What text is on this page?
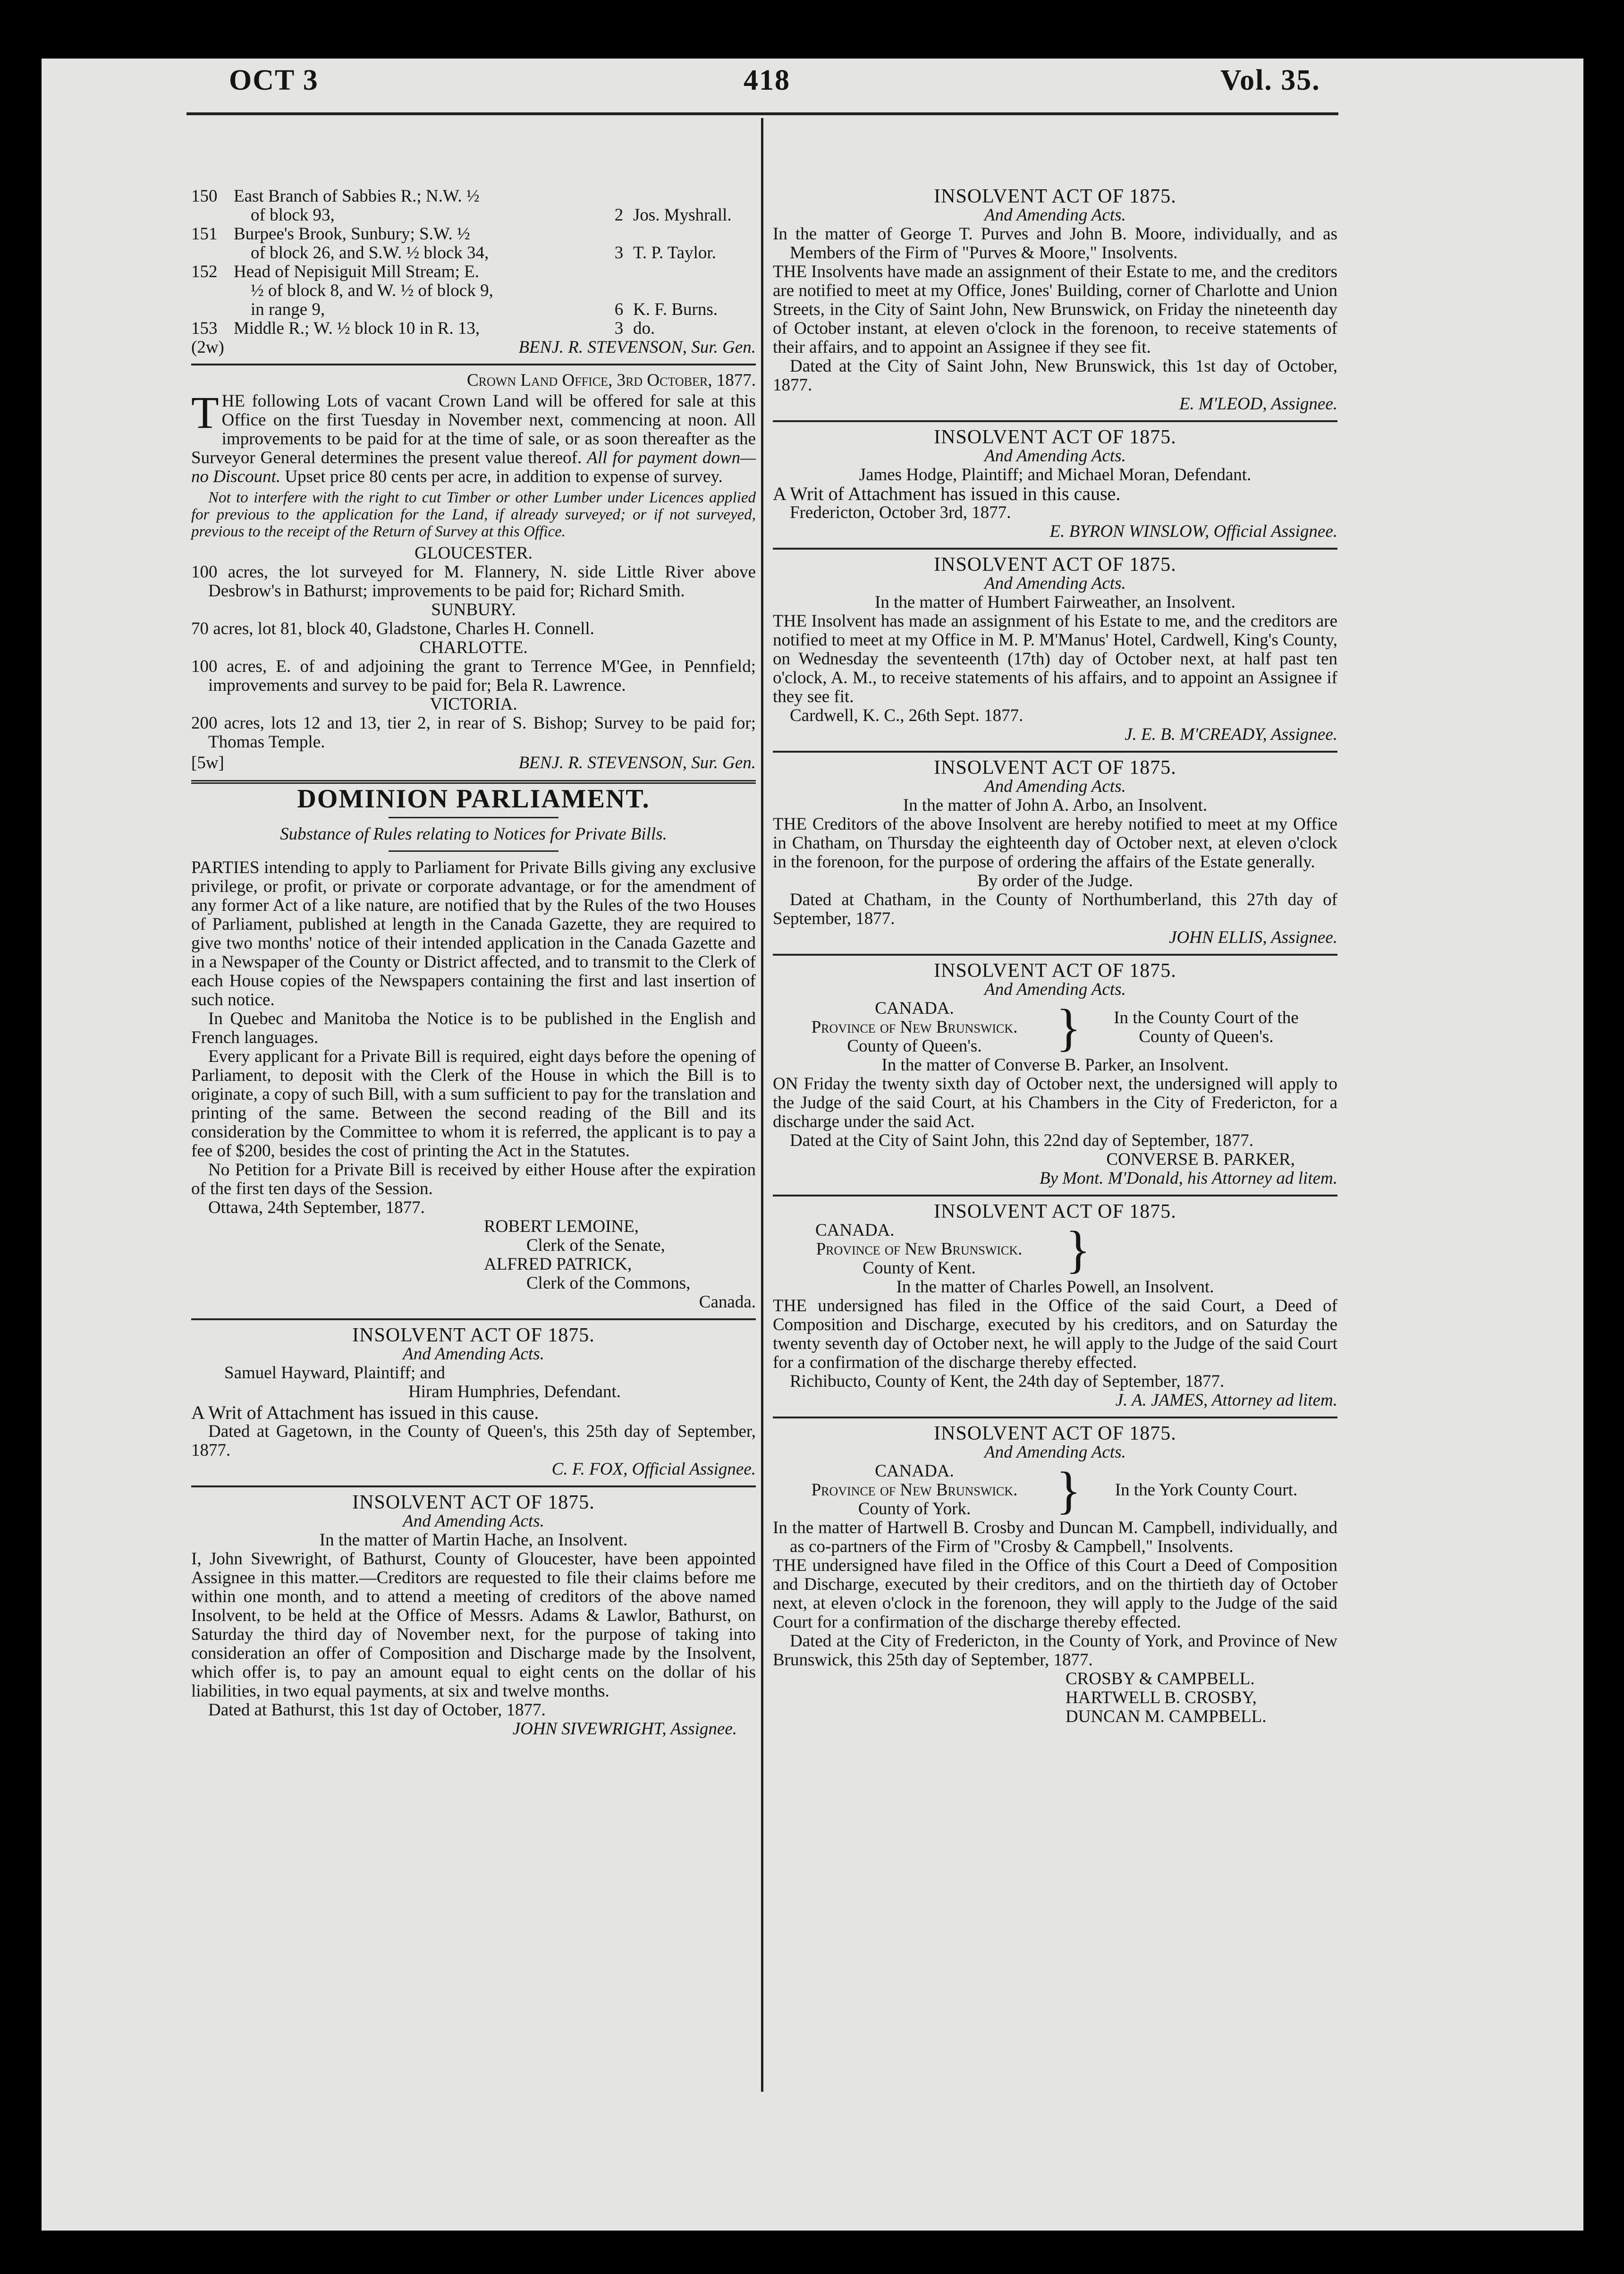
OCT 3	418	Vol. 35.
150 East Branch of Sabbies R.; N.W. ½
of block 93,	2 Jos. Myshrall.
151 Burpee's Brook, Sunbury; S.W. ½
of block 26, and S.W. ½ block 34,	3 T. P. Taylor.
152 Head of Nepisiguit Mill Stream; E.
½ of block 8, and W. ½ of block 9,
in range 9,	6 K. F. Burns.
153 Middle R.; W. ½ block 10 in R. 13,	3 do.
(2w)	BENJ. R. STEVENSON, Sur. Gen.

Crown Land Office, 3rd October, 1877.

THE following Lots of vacant Crown Land will be offered for sale at this Office on the first Tuesday in November next, commencing at noon. All improvements to be paid for at the time of sale, or as soon thereafter as the Surveyor General determines the present value thereof. All for payment down—no Discount. Upset price 80 cents per acre, in addition to expense of survey.

Not to interfere with the right to cut Timber or other Lumber under Licences applied for previous to the application for the Land, if already surveyed; or if not surveyed, previous to the receipt of the Return of Survey at this Office.

GLOUCESTER.

100 acres, the lot surveyed for M. Flannery, N. side Little River above Desbrow's in Bathurst; improvements to be paid for; Richard Smith.

SUNBURY.

70 acres, lot 81, block 40, Gladstone, Charles H. Connell.

CHARLOTTE.

100 acres, E. of and adjoining the grant to Terrence M'Gee, in Pennfield; improvements and survey to be paid for; Bela R. Lawrence.

VICTORIA.

200 acres, lots 12 and 13, tier 2, in rear of S. Bishop; Survey to be paid for; Thomas Temple.

[5w]	BENJ. R. STEVENSON, Sur. Gen.
DOMINION PARLIAMENT.

Substance of Rules relating to Notices for Private Bills.

PARTIES intending to apply to Parliament for Private Bills giving any exclusive privilege, or profit, or private or corporate advantage, or for the amendment of any former Act of a like nature, are notified that by the Rules of the two Houses of Parliament, published at length in the Canada Gazette, they are required to give two months' notice of their intended application in the Canada Gazette and in a Newspaper of the County or District affected, and to transmit to the Clerk of each House copies of the Newspapers containing the first and last insertion of such notice.

In Quebec and Manitoba the Notice is to be published in the English and French languages.

Every applicant for a Private Bill is required, eight days before the opening of Parliament, to deposit with the Clerk of the House in which the Bill is to originate, a copy of such Bill, with a sum sufficient to pay for the translation and printing of the same. Between the second reading of the Bill and its consideration by the Committee to whom it is referred, the applicant is to pay a fee of $200, besides the cost of printing the Act in the Statutes.

No Petition for a Private Bill is received by either House after the expiration of the first ten days of the Session.

Ottawa, 24th September, 1877.

ROBERT LEMOINE,
Clerk of the Senate,
ALFRED PATRICK,
Clerk of the Commons,
Canada.
INSOLVENT ACT OF 1875.
And Amending Acts.

Samuel Hayward, Plaintiff; and

Hiram Humphries, Defendant.

A Writ of Attachment has issued in this cause.

Dated at Gagetown, in the County of Queen's, this 25th day of September, 1877.

C. F. FOX, Official Assignee.

INSOLVENT ACT OF 1875.
And Amending Acts.

In the matter of Martin Hache, an Insolvent.

I, John Sivewright, of Bathurst, County of Gloucester, have been appointed Assignee in this matter.—Creditors are requested to file their claims before me within one month, and to attend a meeting of creditors of the above named Insolvent, to be held at the Office of Messrs. Adams & Lawlor, Bathurst, on Saturday the third day of November next, for the purpose of taking into consideration an offer of Composition and Discharge made by the Insolvent, which offer is, to pay an amount equal to eight cents on the dollar of his liabilities, in two equal payments, at six and twelve months.

Dated at Bathurst, this 1st day of October, 1877.

JOHN SIVEWRIGHT, Assignee.

INSOLVENT ACT OF 1875.
And Amending Acts.

In the matter of George T. Purves and John B. Moore, individually, and as Members of the Firm of "Purves & Moore," Insolvents.

THE Insolvents have made an assignment of their Estate to me, and the creditors are notified to meet at my Office, Jones' Building, corner of Charlotte and Union Streets, in the City of Saint John, New Brunswick, on Friday the nineteenth day of October instant, at eleven o'clock in the forenoon, to receive statements of their affairs, and to appoint an Assignee if they see fit.

Dated at the City of Saint John, New Brunswick, this 1st day of October, 1877.

E. M'LEOD, Assignee.

INSOLVENT ACT OF 1875.
And Amending Acts.

James Hodge, Plaintiff; and Michael Moran, Defendant.

A Writ of Attachment has issued in this cause.

Fredericton, October 3rd, 1877.

E. BYRON WINSLOW, Official Assignee.

INSOLVENT ACT OF 1875.
And Amending Acts.

In the matter of Humbert Fairweather, an Insolvent.

THE Insolvent has made an assignment of his Estate to me, and the creditors are notified to meet at my Office in M. P. M'Manus' Hotel, Cardwell, King's County, on Wednesday the seventeenth (17th) day of October next, at half past ten o'clock, A. M., to receive statements of his affairs, and to appoint an Assignee if they see fit.

Cardwell, K. C., 26th Sept. 1877.

J. E. B. M'CREADY, Assignee.

INSOLVENT ACT OF 1875.
And Amending Acts.

In the matter of John A. Arbo, an Insolvent.

THE Creditors of the above Insolvent are hereby notified to meet at my Office in Chatham, on Thursday the eighteenth day of October next, at eleven o'clock in the forenoon, for the purpose of ordering the affairs of the Estate generally.

By order of the Judge.

Dated at Chatham, in the County of Northumberland, this 27th day of September, 1877.

JOHN ELLIS, Assignee.

INSOLVENT ACT OF 1875.
And Amending Acts.
CANADA.
Province of New Brunswick.
County of Queen's.	}	In the County Court of the
County of Queen's.

In the matter of Converse B. Parker, an Insolvent.

ON Friday the twenty sixth day of October next, the undersigned will apply to the Judge of the said Court, at his Chambers in the City of Fredericton, for a discharge under the said Act.

Dated at the City of Saint John, this 22nd day of September, 1877.

CONVERSE B. PARKER,

By Mont. M'Donald, his Attorney ad litem.

INSOLVENT ACT OF 1875.
CANADA.
Province of New Brunswick.
County of Kent.	}

In the matter of Charles Powell, an Insolvent.

THE undersigned has filed in the Office of the said Court, a Deed of Composition and Discharge, executed by his creditors, and on Saturday the twenty seventh day of October next, he will apply to the Judge of the said Court for a confirmation of the discharge thereby effected.

Richibucto, County of Kent, the 24th day of September, 1877.

J. A. JAMES, Attorney ad litem.

INSOLVENT ACT OF 1875.
And Amending Acts.
CANADA.
Province of New Brunswick.
County of York.	}	In the York County Court.

In the matter of Hartwell B. Crosby and Duncan M. Campbell, individually, and as co-partners of the Firm of "Crosby & Campbell," Insolvents.

THE undersigned have filed in the Office of this Court a Deed of Composition and Discharge, executed by their creditors, and on the thirtieth day of October next, at eleven o'clock in the forenoon, they will apply to the Judge of the said Court for a confirmation of the discharge thereby effected.

Dated at the City of Fredericton, in the County of York, and Province of New Brunswick, this 25th day of September, 1877.

CROSBY & CAMPBELL.
HARTWELL B. CROSBY,
DUNCAN M. CAMPBELL.
